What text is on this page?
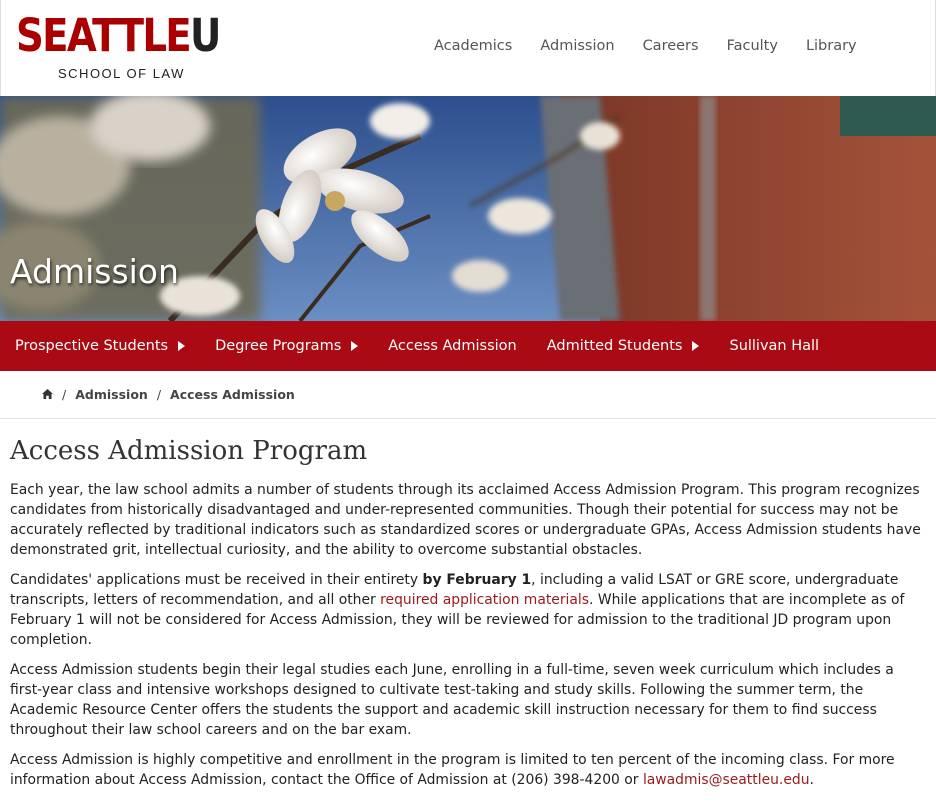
SEATTLEU
SCHOOL OF LAW
Academics Admission Careers Faculty Library
Admission
Prospective Students	Degree Programs	Access Admission Admitted Students	Sullivan Hall
/ Admission / Access Admission
Access Admission Program

Each year, the law school admits a number of students through its acclaimed Access Admission Program. This program recognizes candidates from historically disadvantaged and under-represented communities. Though their potential for success may not be accurately reflected by traditional indicators such as standardized scores or undergraduate GPAs, Access Admission students have demonstrated grit, intellectual curiosity, and the ability to overcome substantial obstacles.

Candidates' applications must be received in their entirety by February 1, including a valid LSAT or GRE score, undergraduate transcripts, letters of recommendation, and all other required application materials. While applications that are incomplete as of February 1 will not be considered for Access Admission, they will be reviewed for admission to the traditional JD program upon completion.

Access Admission students begin their legal studies each June, enrolling in a full-time, seven week curriculum which includes a first-year class and intensive workshops designed to cultivate test-taking and study skills. Following the summer term, the Academic Resource Center offers the students the support and academic skill instruction necessary for them to find success throughout their law school careers and on the bar exam.

Access Admission is highly competitive and enrollment in the program is limited to ten percent of the incoming class. For more information about Access Admission, contact the Office of Admission at (206) 398-4200 or lawadmis@seattleu.edu.
